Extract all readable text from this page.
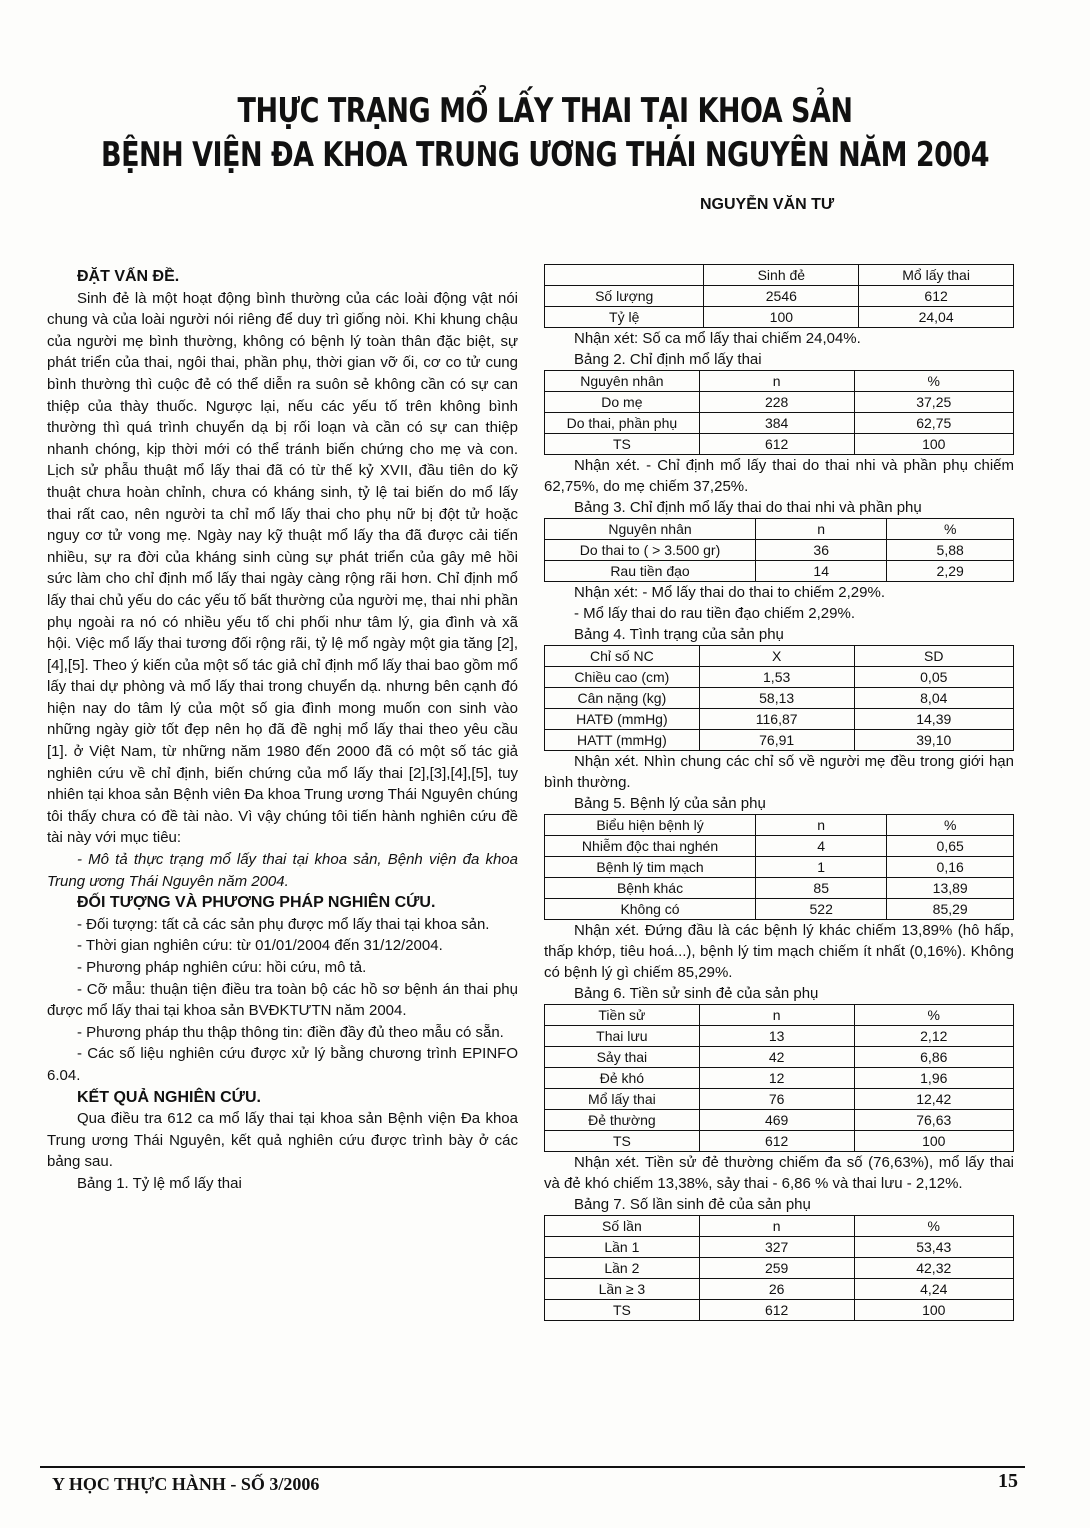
THỰC TRẠNG MỔ LẤY THAI TẠI KHOA SẢN
BỆNH VIỆN ĐA KHOA TRUNG ƯƠNG THÁI NGUYÊN NĂM 2004
NGUYỄN VĂN TƯ
ĐẶT VẤN ĐỀ.

Sinh đẻ là một hoạt động bình thường của các loài động vật nói chung và của loài người nói riêng để duy trì giống nòi. Khi khung chậu của người mẹ bình thường, không có bệnh lý toàn thân đặc biệt, sự phát triển của thai, ngôi thai, phần phụ, thời gian vỡ ối, cơ co tử cung bình thường thì cuộc đẻ có thể diễn ra suôn sẻ không cần có sự can thiệp của thày thuốc. Ngược lại, nếu các yếu tố trên không bình thường thì quá trình chuyển dạ bị rối loạn và cần có sự can thiệp nhanh chóng, kịp thời mới có thể tránh biến chứng cho mẹ và con. Lịch sử phẫu thuật mổ lấy thai đã có từ thế kỷ XVII, đầu tiên do kỹ thuật chưa hoàn chỉnh, chưa có kháng sinh, tỷ lệ tai biến do mổ lấy thai rất cao, nên người ta chỉ mổ lấy thai cho phụ nữ bị đột tử hoặc nguy cơ tử vong mẹ. Ngày nay kỹ thuật mổ lấy tha đã được cải tiến nhiều, sự ra đời của kháng sinh cùng sự phát triển của gây mê hồi sức làm cho chỉ định mổ lấy thai ngày càng rộng rãi hơn. Chỉ định mổ lấy thai chủ yếu do các yếu tố bất thường của người mẹ, thai nhi phần phụ ngoài ra nó có nhiều yếu tố chi phối như tâm lý, gia đình và xã hội. Việc mổ lấy thai tương đối rộng rãi, tỷ lệ mổ ngày một gia tăng [2],[4],[5]. Theo ý kiến của một số tác giả chỉ định mổ lấy thai bao gồm mổ lấy thai dự phòng và mổ lấy thai trong chuyển dạ. nhưng bên cạnh đó hiện nay do tâm lý của một số gia đình mong muốn con sinh vào những ngày giờ tốt đẹp nên họ đã đề nghị mổ lấy thai theo yêu cầu [1]. ở Việt Nam, từ những năm 1980 đến 2000 đã có một số tác giả nghiên cứu về chỉ định, biến chứng của mổ lấy thai [2],[3],[4],[5], tuy nhiên tại khoa sản Bệnh viên Đa khoa Trung ương Thái Nguyên chúng tôi thấy chưa có đề tài nào. Vì vậy chúng tôi tiến hành nghiên cứu đề tài này với mục tiêu:

- Mô tả thực trạng mổ lấy thai tại khoa sản, Bệnh viện đa khoa Trung ương Thái Nguyên năm 2004.

ĐỐI TƯỢNG VÀ PHƯƠNG PHÁP NGHIÊN CỨU.

- Đối tượng: tất cả các sản phụ được mổ lấy thai tại khoa sản.

- Thời gian nghiên cứu: từ 01/01/2004 đến 31/12/2004.

- Phương pháp nghiên cứu: hồi cứu, mô tả.

- Cỡ mẫu: thuận tiện điều tra toàn bộ các hồ sơ bệnh án thai phụ được mổ lấy thai tại khoa sản BVĐKTƯTN năm 2004.

- Phương pháp thu thập thông tin: điền đầy đủ theo mẫu có sẵn.

- Các số liệu nghiên cứu được xử lý bằng chương trình EPINFO 6.04.

KẾT QUẢ NGHIÊN CỨU.

Qua điều tra 612 ca mổ lấy thai tại khoa sản Bệnh viện Đa khoa Trung ương Thái Nguyên, kết quả nghiên cứu được trình bày ở các bảng sau.

Bảng 1. Tỷ lệ mổ lấy thai

	Sinh đẻ	Mổ lấy thai
Số lượng	2546	612
Tỷ lệ	100	24,04

Nhận xét: Số ca mổ lấy thai chiếm 24,04%.

Bảng 2. Chỉ định mổ lấy thai

Nguyên nhân	n	%
Do mẹ	228	37,25
Do thai, phần phụ	384	62,75
TS	612	100

Nhận xét. - Chỉ định mổ lấy thai do thai nhi và phần phụ chiếm 62,75%, do mẹ chiếm 37,25%.

Bảng 3. Chỉ định mổ lấy thai do thai nhi và phần phụ

Nguyên nhân	n	%
Do thai to ( > 3.500 gr)	36	5,88
Rau tiền đạo	14	2,29

Nhận xét: - Mổ lấy thai do thai to chiếm 2,29%.

- Mổ lấy thai do rau tiền đạo chiếm 2,29%.

Bảng 4. Tình trạng của sản phụ

Chỉ số NC	X	SD
Chiều cao (cm)	1,53	0,05
Cân nặng (kg)	58,13	8,04
HATĐ (mmHg)	116,87	14,39
HATT (mmHg)	76,91	39,10

Nhận xét. Nhìn chung các chỉ số về người mẹ đều trong giới hạn bình thường.

Bảng 5. Bệnh lý của sản phụ

Biểu hiện bệnh lý	n	%
Nhiễm độc thai nghén	4	0,65
Bệnh lý tim mạch	1	0,16
Bệnh khác	85	13,89
Không có	522	85,29

Nhận xét. Đứng đầu là các bệnh lý khác chiếm 13,89% (hô hấp, thấp khớp, tiêu hoá...), bệnh lý tim mạch chiếm ít nhất (0,16%). Không có bệnh lý gì chiếm 85,29%.

Bảng 6. Tiền sử sinh đẻ của sản phụ

Tiền sử	n	%
Thai lưu	13	2,12
Sảy thai	42	6,86
Đẻ khó	12	1,96
Mổ lấy thai	76	12,42
Đẻ thường	469	76,63
TS	612	100

Nhận xét. Tiền sử đẻ thường chiếm đa số (76,63%), mổ lấy thai và đẻ khó chiếm 13,38%, sảy thai - 6,86 % và thai lưu - 2,12%.

Bảng 7. Số lần sinh đẻ của sản phụ

Số lần	n	%
Lần 1	327	53,43
Lần 2	259	42,32
Lần ≥ 3	26	4,24
TS	612	100
Y HỌC THỰC HÀNH - SỐ 3/2006	15
